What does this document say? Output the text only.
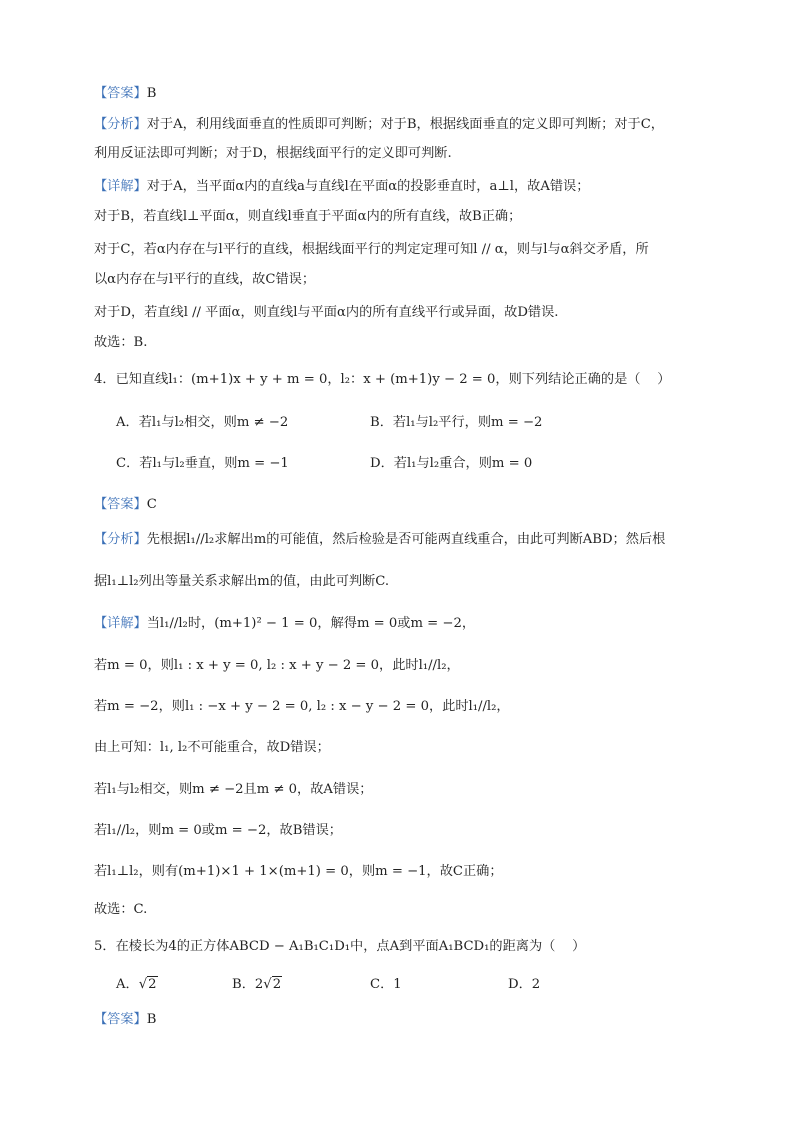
【答案】B
【分析】对于A，利用线面垂直的性质即可判断；对于B，根据线面垂直的定义即可判断；对于C，
利用反证法即可判断；对于D，根据线面平行的定义即可判断.
【详解】对于A，当平面α内的直线a与直线l在平面α的投影垂直时，a⊥l，故A错误；
对于B，若直线l⊥平面α，则直线l垂直于平面α内的所有直线，故B正确；
对于C，若α内存在与l平行的直线，根据线面平行的判定定理可知l // α，则与l与α斜交矛盾，所
以α内存在与l平行的直线，故C错误；
对于D，若直线l // 平面α，则直线l与平面α内的所有直线平行或异面，故D错误.
故选：B.
4．已知直线l₁：(m+1)x + y + m = 0，l₂：x + (m+1)y − 2 = 0，则下列结论正确的是（    ）
A．若l₁与l₂相交，则m ≠ −2	B．若l₁与l₂平行，则m = −2
C．若l₁与l₂垂直，则m = −1	D．若l₁与l₂重合，则m = 0
【答案】C
【分析】先根据l₁//l₂求解出m的可能值，然后检验是否可能两直线重合，由此可判断ABD；然后根
据l₁⊥l₂列出等量关系求解出m的值，由此可判断C.
【详解】当l₁//l₂时，(m+1)² − 1 = 0，解得m = 0或m = −2，
若m = 0，则l₁ : x + y = 0, l₂ : x + y − 2 = 0，此时l₁//l₂，
若m = −2，则l₁ : −x + y − 2 = 0, l₂ : x − y − 2 = 0，此时l₁//l₂，
由上可知：l₁, l₂不可能重合，故D错误；
若l₁与l₂相交，则m ≠ −2且m ≠ 0，故A错误；
若l₁//l₂，则m = 0或m = −2，故B错误；
若l₁⊥l₂，则有(m+1)×1 + 1×(m+1) = 0，则m = −1，故C正确；
故选：C.
5．在棱长为4的正方体ABCD − A₁B₁C₁D₁中，点A到平面A₁BCD₁的距离为（    ）
A．√2	B．2√2	C．1	D．2
【答案】B
